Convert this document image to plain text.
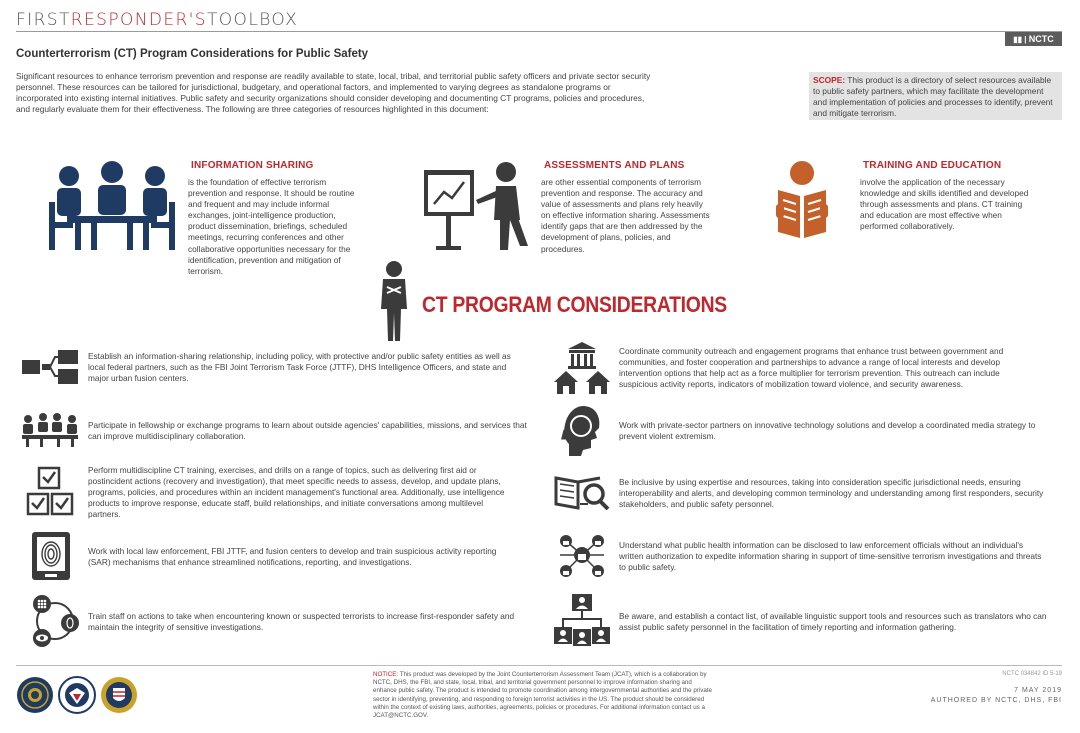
FIRSTRESPONDER'STOOLBOX
▮▮ | NCTC
Counterterrorism (CT) Program Considerations for Public Safety
Significant resources to enhance terrorism prevention and response are readily available to state, local, tribal, and territorial public safety officers and private sector security personnel. These resources can be tailored for jurisdictional, budgetary, and operational factors, and implemented to varying degrees as standalone programs or incorporated into existing internal initiatives. Public safety and security organizations should consider developing and documenting CT programs, policies and procedures, and regularly evaluate them for their effectiveness. The following are three categories of resources highlighted in this document:
SCOPE: This product is a directory of select resources available to public safety partners, which may facilitate the development and implementation of policies and processes to identify, prevent and mitigate terrorism.
INFORMATION SHARING
is the foundation of effective terrorism prevention and response. It should be routine and frequent and may include informal exchanges, joint-intelligence production, product dissemination, briefings, scheduled meetings, recurring conferences and other collaborative opportunities necessary for the identification, prevention and mitigation of terrorism.
ASSESSMENTS AND PLANS
are other essential components of terrorism prevention and response. The accuracy and value of assessments and plans rely heavily on effective information sharing. Assessments identify gaps that are then addressed by the development of plans, policies, and procedures.
TRAINING AND EDUCATION
involve the application of the necessary knowledge and skills identified and developed through assessments and plans. CT training and education are most effective when performed collaboratively.
CT PROGRAM CONSIDERATIONS
Establish an information-sharing relationship, including policy, with protective and/or public safety entities as well as local federal partners, such as the FBI Joint Terrorism Task Force (JTTF), DHS Intelligence Officers, and state and major urban fusion centers.
Participate in fellowship or exchange programs to learn about outside agencies' capabilities, missions, and services that can improve multidisciplinary collaboration.
Perform multidiscipline CT training, exercises, and drills on a range of topics, such as delivering first aid or postincident actions (recovery and investigation), that meet specific needs to assess, develop, and update plans, programs, policies, and procedures within an incident management's functional area. Additionally, use intelligence products to improve response, educate staff, build relationships, and initiate conversations among multilevel partners.
Work with local law enforcement, FBI JTTF, and fusion centers to develop and train suspicious activity reporting (SAR) mechanisms that enhance streamlined notifications, reporting, and investigations.
Train staff on actions to take when encountering known or suspected terrorists to increase first-responder safety and maintain the integrity of sensitive investigations.
Coordinate community outreach and engagement programs that enhance trust between government and communities, and foster cooperation and partnerships to advance a range of local interests and develop intervention options that help act as a force multiplier for terrorism prevention. This outreach can include suspicious activity reports, indicators of mobilization toward violence, and security awareness.
Work with private-sector partners on innovative technology solutions and develop a coordinated media strategy to prevent violent extremism.
Be inclusive by using expertise and resources, taking into consideration specific jurisdictional needs, ensuring interoperability and alerts, and developing common terminology and understanding among first responders, security stakeholders, and public safety personnel.
Understand what public health information can be disclosed to law enforcement officials without an individual's written authorization to expedite information sharing in support of time-sensitive terrorism investigations and threats to public safety.
Be aware, and establish a contact list, of available linguistic support tools and resources such as translators who can assist public safety personnel in the facilitation of timely reporting and information gathering.
NOTICE: This product was developed by the Joint Counterterrorism Assessment Team (JCAT), which is a collaboration by NCTC, DHS, the FBI, and state, local, tribal, and territorial government personnel to improve information sharing and enhance public safety. The product is intended to promote coordination among intergovernmental authorities and the private sector in identifying, preventing, and responding to foreign terrorist activities in the US. The product should be considered within the context of existing laws, authorities, agreements, policies or procedures. For additional information contact us a JCAT@NCTC.GOV.
NCTC 034842 ID 5-19
7 MAY 2019
AUTHORED BY NCTC, DHS, FBI
